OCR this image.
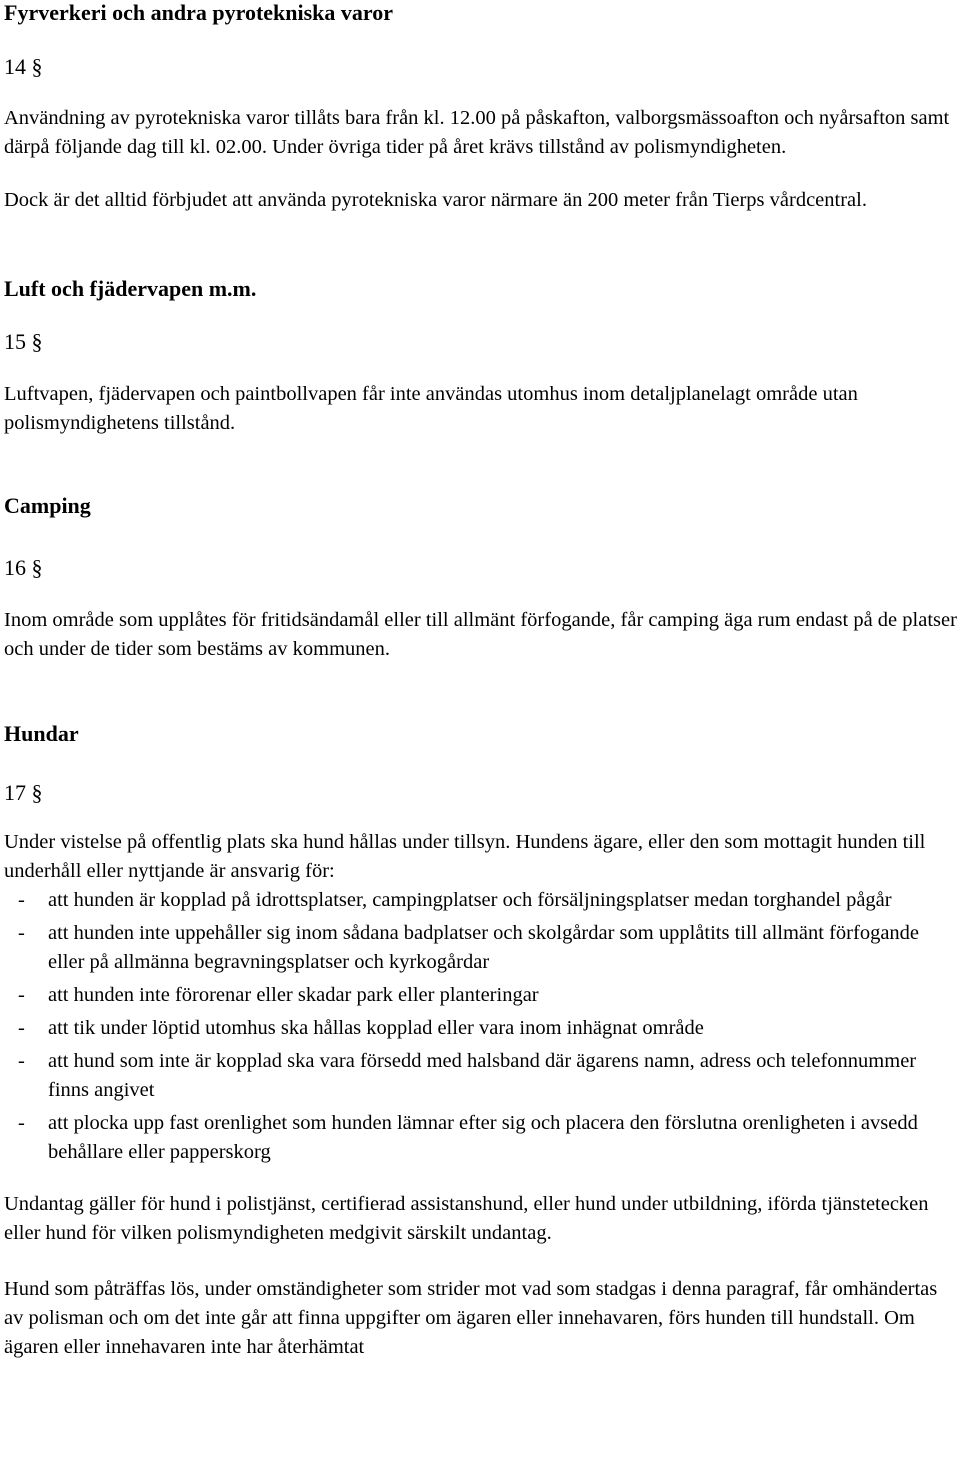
Fyrverkeri och andra pyrotekniska varor

14 §

Användning av pyrotekniska varor tillåts bara från kl. 12.00 på påskafton, valborgsmässoafton och nyårsafton samt därpå följande dag till kl. 02.00. Under övriga tider på året krävs tillstånd av polismyndigheten.

Dock är det alltid förbjudet att använda pyrotekniska varor närmare än 200 meter från Tierps vårdcentral.

Luft och fjädervapen m.m.

15 §

Luftvapen, fjädervapen och paintbollvapen får inte användas utomhus inom detaljplanelagt område utan polismyndighetens tillstånd.

Camping

16 §

Inom område som upplåtes för fritidsändamål eller till allmänt förfogande, får camping äga rum endast på de platser och under de tider som bestäms av kommunen.

Hundar

17 §

Under vistelse på offentlig plats ska hund hållas under tillsyn. Hundens ägare, eller den som mottagit hunden till underhåll eller nyttjande är ansvarig för:

- att hunden är kopplad på idrottsplatser, campingplatser och försäljningsplatser medan torghandel pågår
- att hunden inte uppehåller sig inom sådana badplatser och skolgårdar som upplåtits till allmänt förfogande eller på allmänna begravningsplatser och kyrkogårdar
- att hunden inte förorenar eller skadar park eller planteringar
- att tik under löptid utomhus ska hållas kopplad eller vara inom inhägnat område
- att hund som inte är kopplad ska vara försedd med halsband där ägarens namn, adress och telefonnummer finns angivet
- att plocka upp fast orenlighet som hunden lämnar efter sig och placera den förslutna orenligheten i avsedd behållare eller papperskorg

Undantag gäller för hund i polistjänst, certifierad assistanshund, eller hund under utbildning, iförda tjänstetecken eller hund för vilken polismyndigheten medgivit särskilt undantag.

Hund som påträffas lös, under omständigheter som strider mot vad som stadgas i denna paragraf, får omhändertas av polisman och om det inte går att finna uppgifter om ägaren eller innehavaren, förs hunden till hundstall. Om ägaren eller innehavaren inte har återhämtat
